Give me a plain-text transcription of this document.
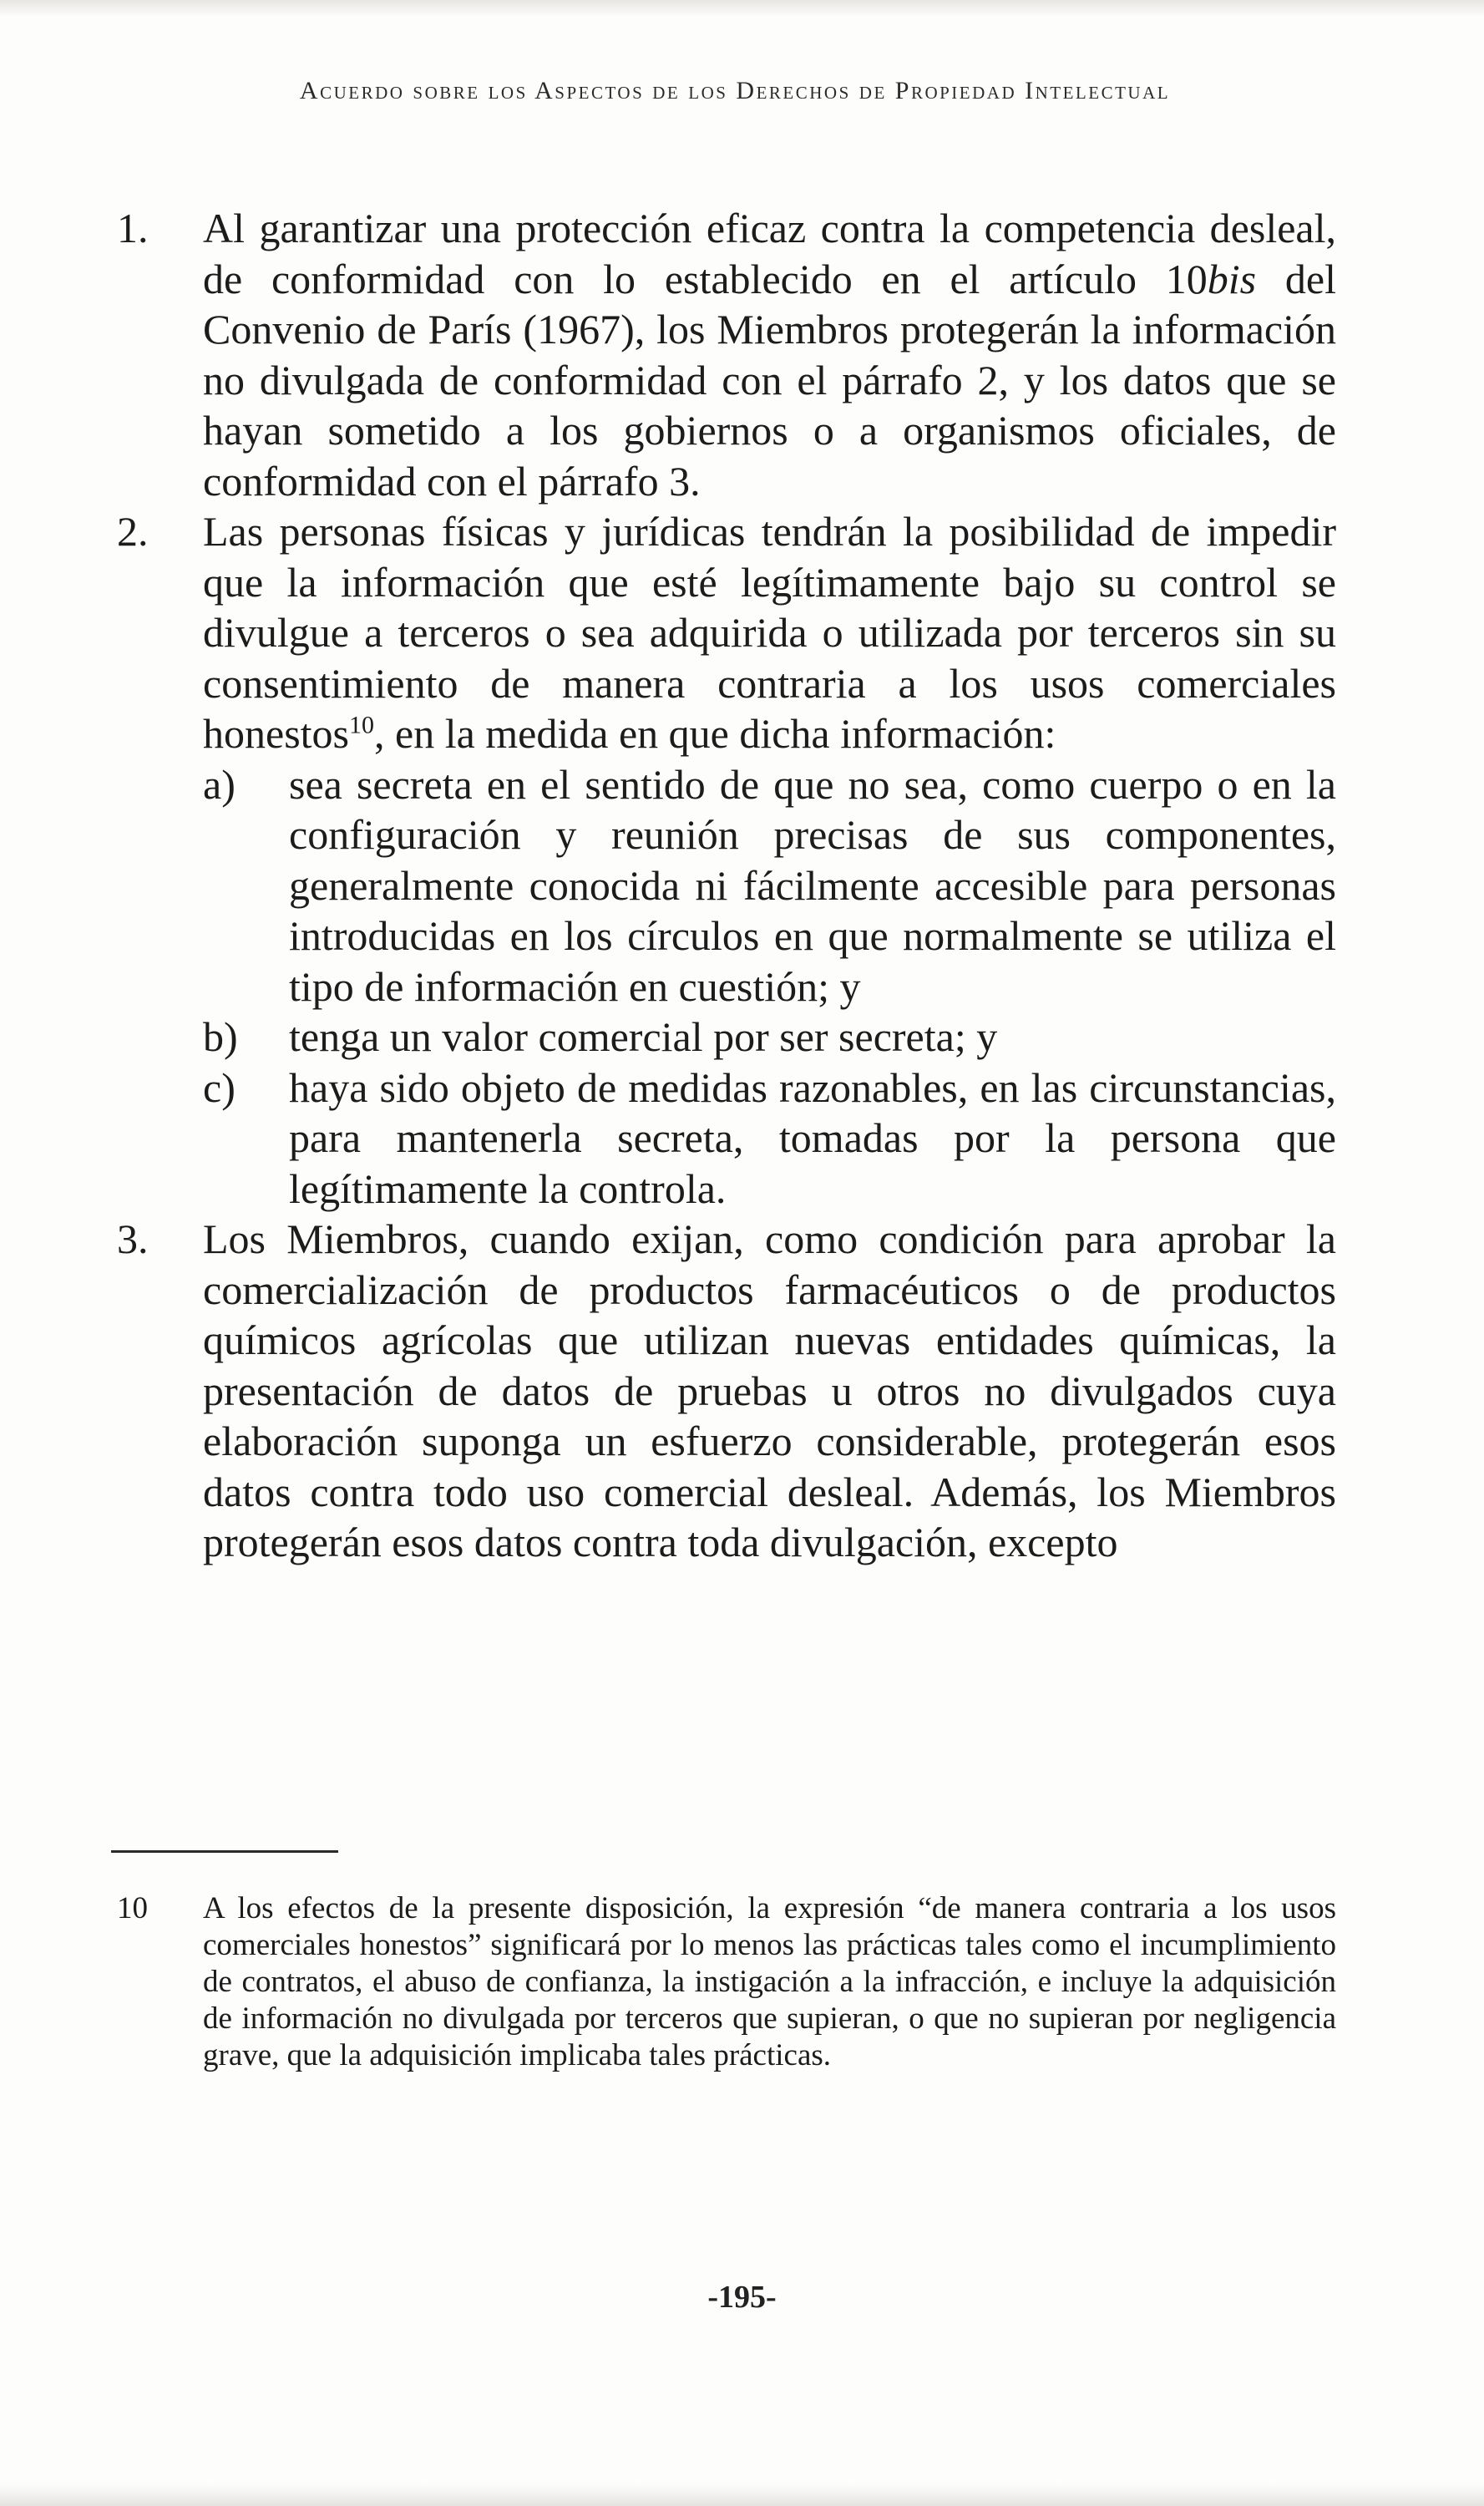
Acuerdo sobre los Aspectos de los Derechos de Propiedad Intelectual
1.	Al garantizar una protección eficaz contra la competencia desleal, de conformidad con lo establecido en el artículo 10bis del Convenio de París (1967), los Miembros protegerán la información no divulgada de conformidad con el párrafo 2, y los datos que se hayan sometido a los gobiernos o a organismos oficiales, de conformidad con el párrafo 3.
2.	Las personas físicas y jurídicas tendrán la posibilidad de impedir que la información que esté legítimamente bajo su control se divulgue a terceros o sea adquirida o utilizada por terceros sin su consentimiento de manera contraria a los usos comerciales honestos$^{10}$, en la medida en que dicha información:
a)	sea secreta en el sentido de que no sea, como cuerpo o en la configuración y reunión precisas de sus componentes, generalmente conocida ni fácilmente accesible para personas introducidas en los círculos en que normalmente se utiliza el tipo de información en cuestión; y
b)	tenga un valor comercial por ser secreta; y
c)	haya sido objeto de medidas razonables, en las circunstancias, para mantenerla secreta, tomadas por la persona que legítimamente la controla.
3.	Los Miembros, cuando exijan, como condición para aprobar la comercialización de productos farmacéuticos o de productos químicos agrícolas que utilizan nuevas entidades químicas, la presentación de datos de pruebas u otros no divulgados cuya elaboración suponga un esfuerzo considerable, protegerán esos datos contra todo uso comercial desleal. Además, los Miembros protegerán esos datos contra toda divulgación, excepto
10	A los efectos de la presente disposición, la expresión “de manera contraria a los usos comerciales honestos” significará por lo menos las prácticas tales como el incumplimiento de contratos, el abuso de confianza, la instigación a la infracción, e incluye la adquisición de información no divulgada por terceros que supieran, o que no supieran por negligencia grave, que la adquisición implicaba tales prácticas.
-195-
